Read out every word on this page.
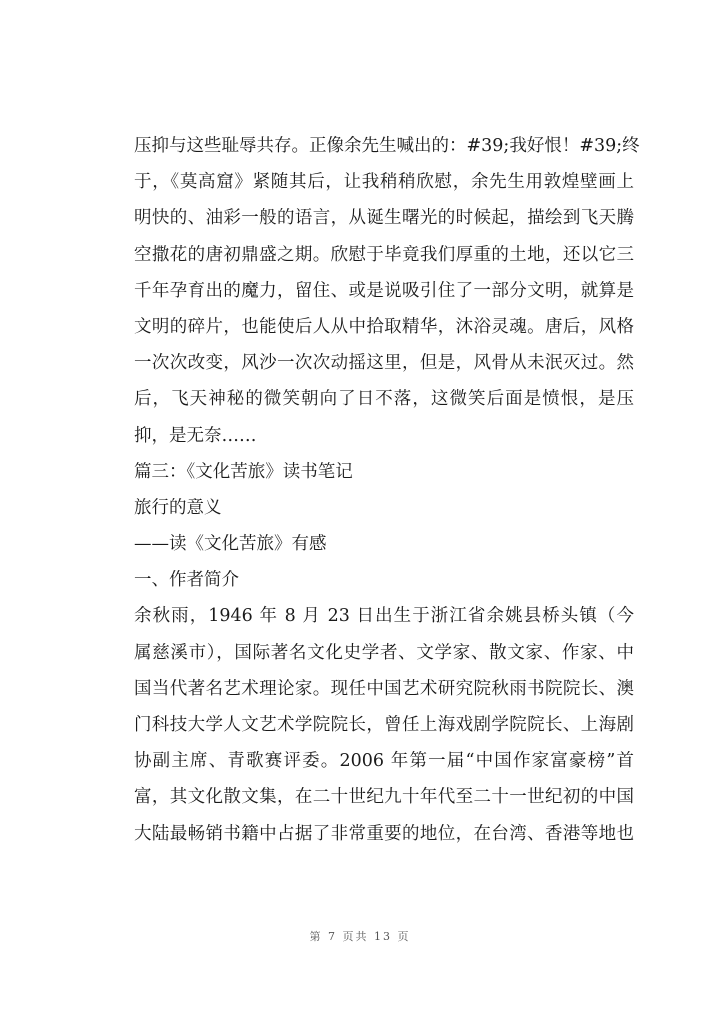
压抑与这些耻辱共存。正像余先生喊出的：#39;我好恨！#39;终
于，《莫高窟》紧随其后，让我稍稍欣慰，余先生用敦煌壁画上
明快的、油彩一般的语言，从诞生曙光的时候起，描绘到飞天腾
空撒花的唐初鼎盛之期。欣慰于毕竟我们厚重的土地，还以它三
千年孕育出的魔力，留住、或是说吸引住了一部分文明，就算是
文明的碎片，也能使后人从中拾取精华，沐浴灵魂。唐后，风格
一次次改变，风沙一次次动摇这里，但是，风骨从未泯灭过。然
后，飞天神秘的微笑朝向了日不落，这微笑后面是愤恨，是压
抑，是无奈……
篇三：《文化苦旅》读书笔记
旅行的意义
——读《文化苦旅》有感
一、作者简介
余秋雨，1946 年 8 月 23 日出生于浙江省余姚县桥头镇（今
属慈溪市），国际著名文化史学者、文学家、散文家、作家、中
国当代著名艺术理论家。现任中国艺术研究院秋雨书院院长、澳
门科技大学人文艺术学院院长，曾任上海戏剧学院院长、上海剧
协副主席、青歌赛评委。2006 年第一届“中国作家富豪榜”首
富，其文化散文集，在二十世纪九十年代至二十一世纪初的中国
大陆最畅销书籍中占据了非常重要的地位，在台湾、香港等地也
第 7 页共 13 页
